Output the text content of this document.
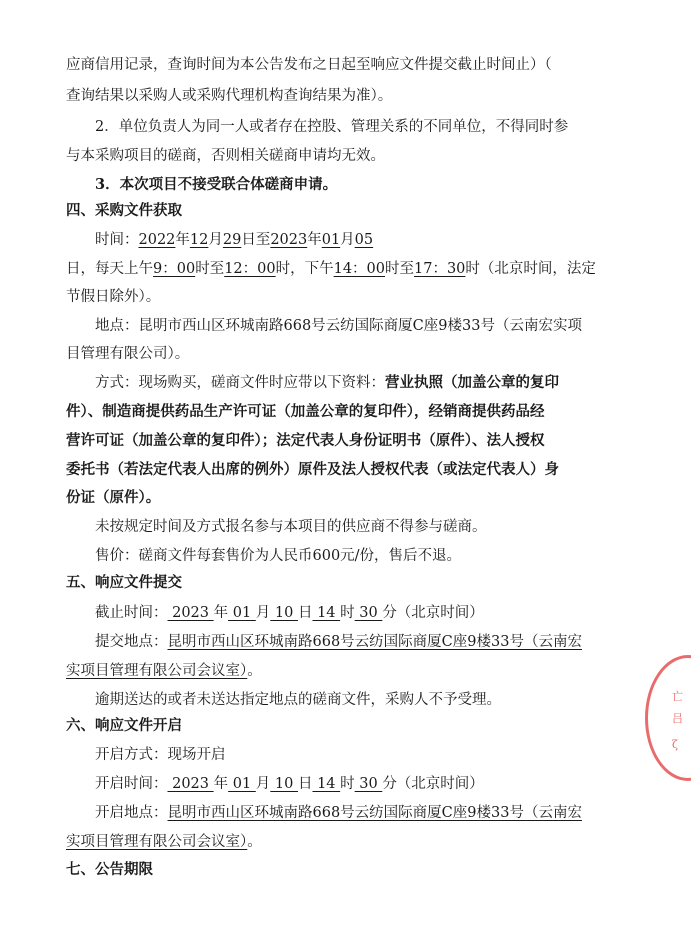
应商信用记录，查询时间为本公告发布之日起至响应文件提交截止时间止）（
查询结果以采购人或采购代理机构查询结果为准）。
2．单位负责人为同一人或者存在控股、管理关系的不同单位，不得同时参
与本采购项目的磋商，否则相关磋商申请均无效。
3．本次项目不接受联合体磋商申请。
四、采购文件获取
时间：2022年12月29日至2023年01月05
日，每天上午9：00时至12：00时，下午14：00时至17：30时（北京时间，法定
节假日除外）。
地点：昆明市西山区环城南路668号云纺国际商厦C座9楼33号（云南宏实项
目管理有限公司）。
方式：现场购买，磋商文件时应带以下资料：营业执照（加盖公章的复印
件）、制造商提供药品生产许可证（加盖公章的复印件），经销商提供药品经
营许可证（加盖公章的复印件）；法定代表人身份证明书（原件）、法人授权
委托书（若法定代表人出席的例外）原件及法人授权代表（或法定代表人）身
份证（原件）。
未按规定时间及方式报名参与本项目的供应商不得参与磋商。
售价：磋商文件每套售价为人民币600元/份，售后不退。
五、响应文件提交
截止时间： 2023 年 01 月 10 日 14 时 30 分（北京时间）
提交地点：昆明市西山区环城南路668号云纺国际商厦C座9楼33号（云南宏
实项目管理有限公司会议室）。
逾期送达的或者未送达指定地点的磋商文件，采购人不予受理。
六、响应文件开启
开启方式：现场开启
开启时间： 2023 年 01 月 10 日 14 时 30 分（北京时间）
开启地点：昆明市西山区环城南路668号云纺国际商厦C座9楼33号（云南宏
实项目管理有限公司会议室）。
七、公告期限
亡
吕
ζ
